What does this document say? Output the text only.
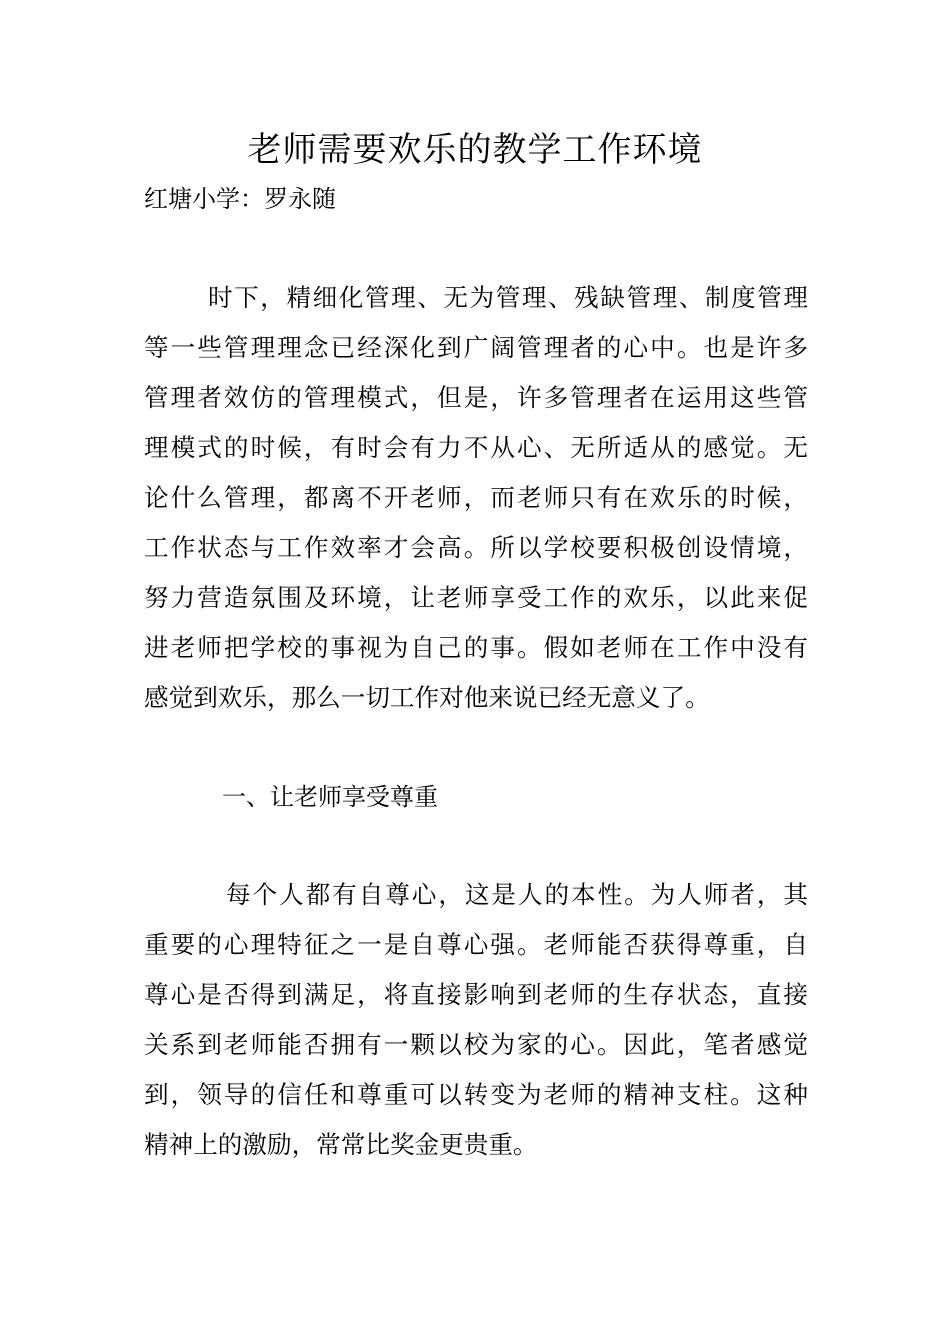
老师需要欢乐的教学工作环境
红塘小学：罗永随
时下，精细化管理、无为管理、残缺管理、制度管理
等一些管理理念已经深化到广阔管理者的心中。也是许多
管理者效仿的管理模式，但是，许多管理者在运用这些管
理模式的时候，有时会有力不从心、无所适从的感觉。无
论什么管理，都离不开老师，而老师只有在欢乐的时候，
工作状态与工作效率才会高。所以学校要积极创设情境，
努力营造氛围及环境，让老师享受工作的欢乐，以此来促
进老师把学校的事视为自己的事。假如老师在工作中没有
感觉到欢乐，那么一切工作对他来说已经无意义了。
一、让老师享受尊重
每个人都有自尊心，这是人的本性。为人师者，其
重要的心理特征之一是自尊心强。老师能否获得尊重，自
尊心是否得到满足，将直接影响到老师的生存状态，直接
关系到老师能否拥有一颗以校为家的心。因此，笔者感觉
到，领导的信任和尊重可以转变为老师的精神支柱。这种
精神上的激励，常常比奖金更贵重。
